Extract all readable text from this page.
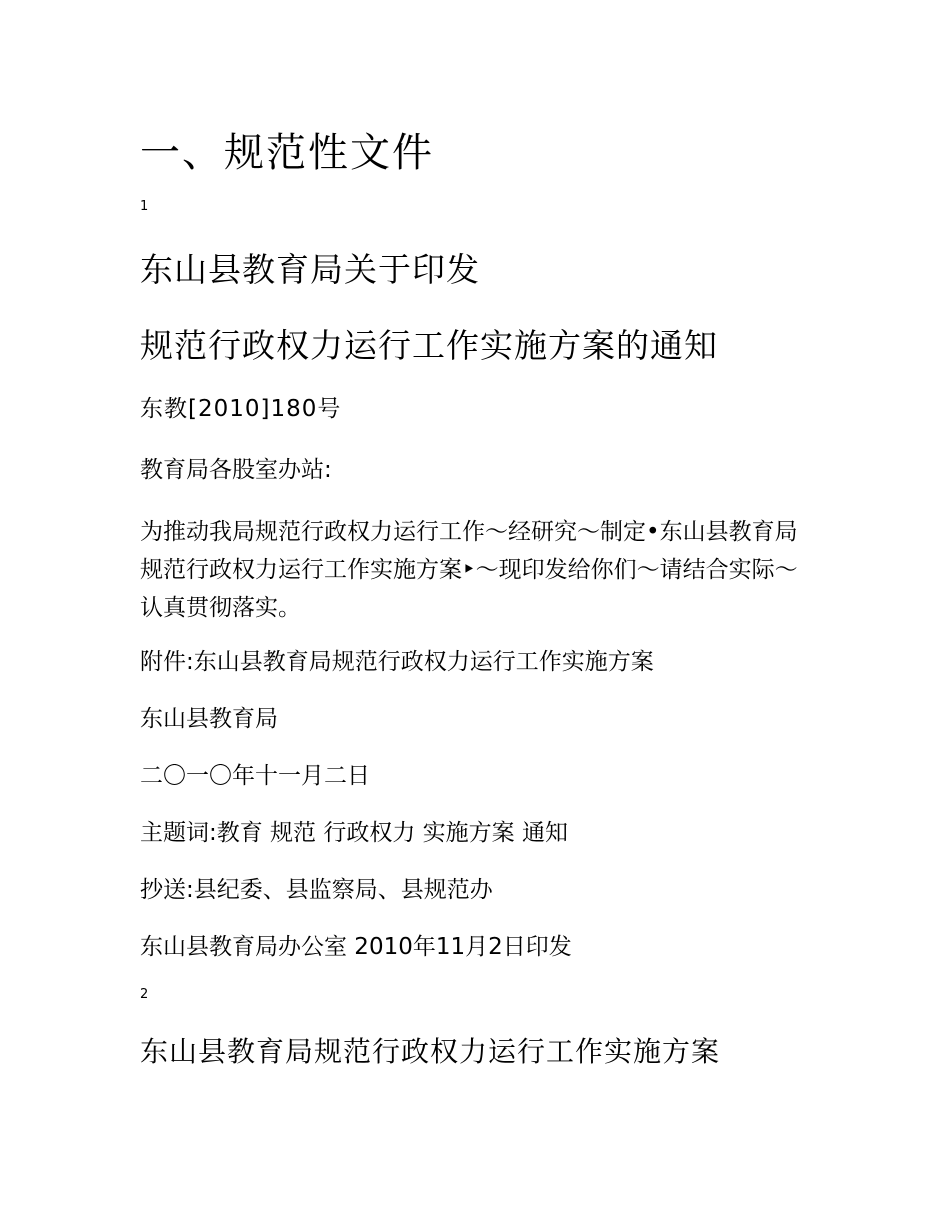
一、规范性文件
1
东山县教育局关于印发
规范行政权力运行工作实施方案的通知
东教[2010]180号
教育局各股室办站:
为推动我局规范行政权力运行工作～经研究～制定•东山县教育局规范行政权力运行工作实施方案‣～现印发给你们～请结合实际～认真贯彻落实。
附件:东山县教育局规范行政权力运行工作实施方案
东山县教育局
二〇一〇年十一月二日
主题词:教育 规范 行政权力 实施方案 通知
抄送:县纪委、县监察局、县规范办
东山县教育局办公室 2010年11月2日印发
2
东山县教育局规范行政权力运行工作实施方案
